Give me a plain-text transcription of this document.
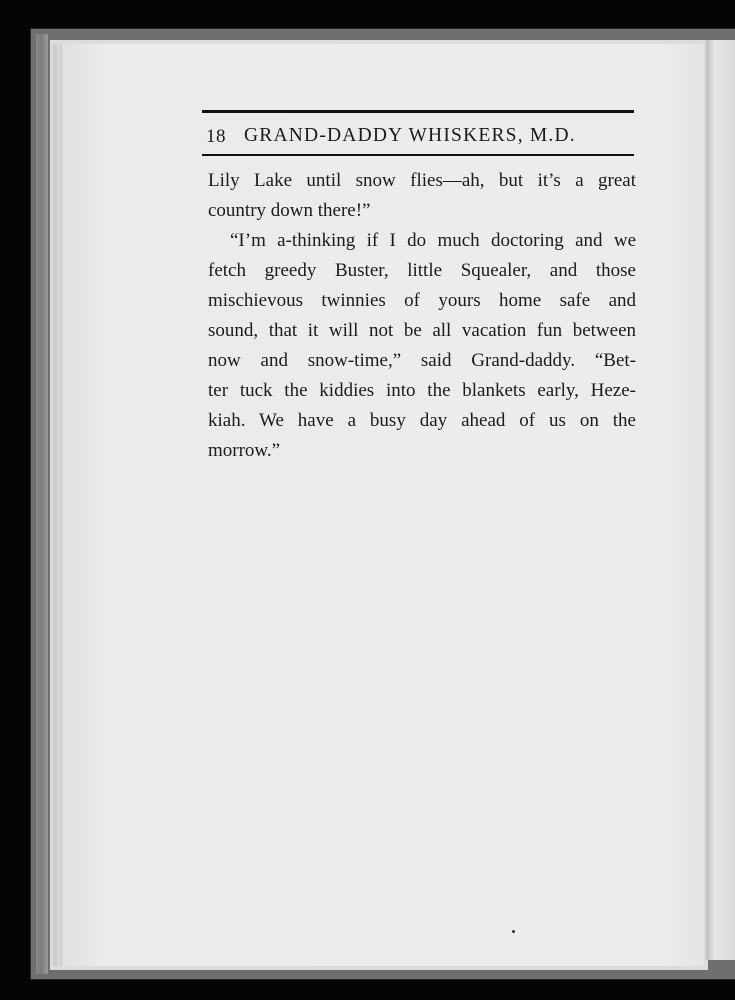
18 GRAND-DADDY WHISKERS, M.D.
Lily Lake until snow flies—ah, but it’s a great
country down there!”
“I’m a-thinking if I do much doctoring and we
fetch greedy Buster, little Squealer, and those
mischievous twinnies of yours home safe and
sound, that it will not be all vacation fun between
now and snow-time,” said Grand-daddy. “Bet-
ter tuck the kiddies into the blankets early, Heze-
kiah. We have a busy day ahead of us on the
morrow.”
